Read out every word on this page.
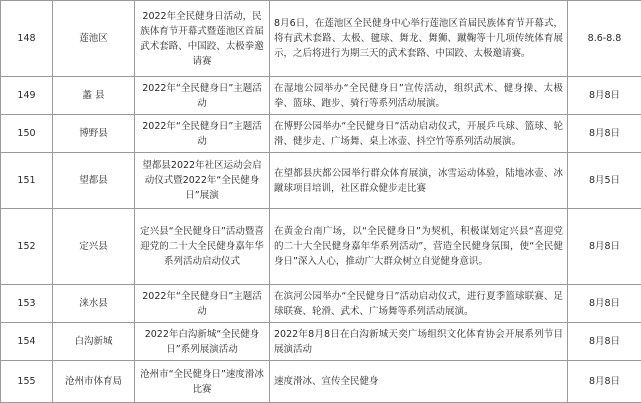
148	莲池区	2022年全民健身日活动，民族体育节开幕式暨莲池区首届武术套路、中国跤、太极拳邀请赛	8月6日，在莲池区全民健身中心举行莲池区首届民族体育节开幕式，将有武术套路、太极、毽球、舞龙、舞狮、蹴鞠等十几项传统体育展示，之后将进行为期三天的武术套路、中国跤、太极邀请赛。	8.6-8.8
149	蠡 县	2022年“全民健身日”主题活动	在湿地公园举办“全民健身日”宣传活动，组织武术、健身操、太极拳、篮球、跑步、骑行等系列活动展演。	8月8日
150	博野县	2022年“全民健身日”主题活动	在博野公园举办“全民健身日”活动启动仪式，开展乒乓球、篮球、轮滑、健步走、广场舞、桌上冰壶、抖空竹等系列活动展演。	8月8日
151	望都县	望都县2022年社区运动会启动仪式暨2022年“全民健身日”展演	在望都县庆都公园举行群众体育展演，冰雪运动体验，陆地冰壶、冰蹴球项目培训，社区群众健步走比赛	8月5日
152	定兴县	定兴县“全民健身日”活动暨喜迎党的二十大全民健身嘉年华系列活动启动仪式	在黄金台南广场，以“全民健身日”为契机，积极谋划定兴县“喜迎党的二十大全民健身嘉年华系列活动”，营造全民健身氛围，使“全民健身日”深入人心，推动广大群众树立自觉健身意识。	8月8日
153	涞水县	2022年“全民健身日”主题活动	在滨河公园举办“全民健身日”活动启动仪式，进行夏季篮球联赛、足球联赛、轮滑、武术、广场舞等系列活动展演。	8月8日
154	白沟新城	2022年白沟新城“全民健身日”系列展演活动	2022年8月8日在白沟新城天奕广场组织文化体育协会开展系列节目展演活动	8月8日
155	沧州市体育局	沧州市“全民健身日”速度滑冰比赛	速度滑冰、宣传全民健身	8月8日
